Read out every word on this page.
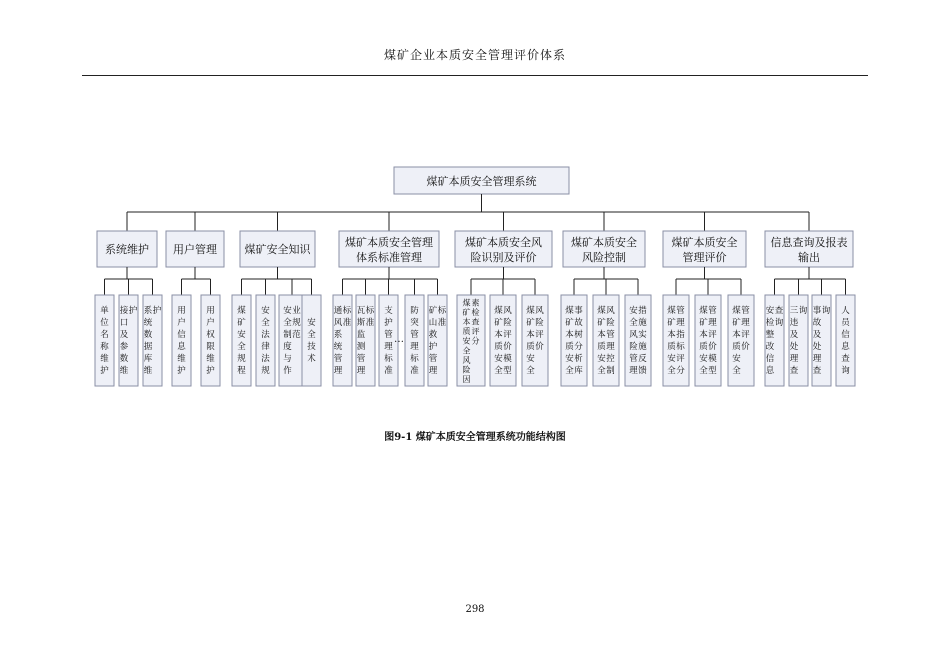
煤矿企业本质安全管理评价体系
煤矿本质安全管理系统
系统维护
单
位
名
称
维
护
接
口
及
参
数
维
护 系
统
数
据
库
维
护
用户管理
用
户
信
息
维
护
用
户
权
限
维
护
煤矿安全知识
煤
矿
安
全
规
程
安
全
法
律
法
规
安
全
制
度
与
作
业
规
范
安
全
技
术
煤矿本质安全管理
体系标准管理
通
风
系
统
管
理
标
准
瓦
斯
监
测
管
理
标
准
支
护
管
理
标
准
…
防
突
管
理
标
准
矿
山
救
护
管
理
标
准
煤矿本质安全风
险识别及评价
煤
矿
本
质
安
全
风
险
因
素
检
查
评
分
煤
矿
本
质
安
全
风
险
评
价
模
型
煤
矿
本
质
安
全
风
险
评
价
煤矿本质安全
风险控制
煤
矿
本
质
安
全
事
故
树
分
析
库
煤
矿
本
质
安
全
风
险
管
理
控
制
安
全
风
险
管
理
措
施
实
施
反
馈
煤矿本质安全
管理评价
煤
矿
本
质
安
全
管
理
指
标
评
分
煤
矿
本
质
安
全
管
理
评
价
模
型
煤
矿
本
质
安
全
管
理
评
价
信息查询及报表
输出
安
检
整
改
信
息
查
询
三
违
及
处
理
查
询 事
故
及
处
理
查
询 人
员
信
息
查
询
图9-1 煤矿本质安全管理系统功能结构图
298
